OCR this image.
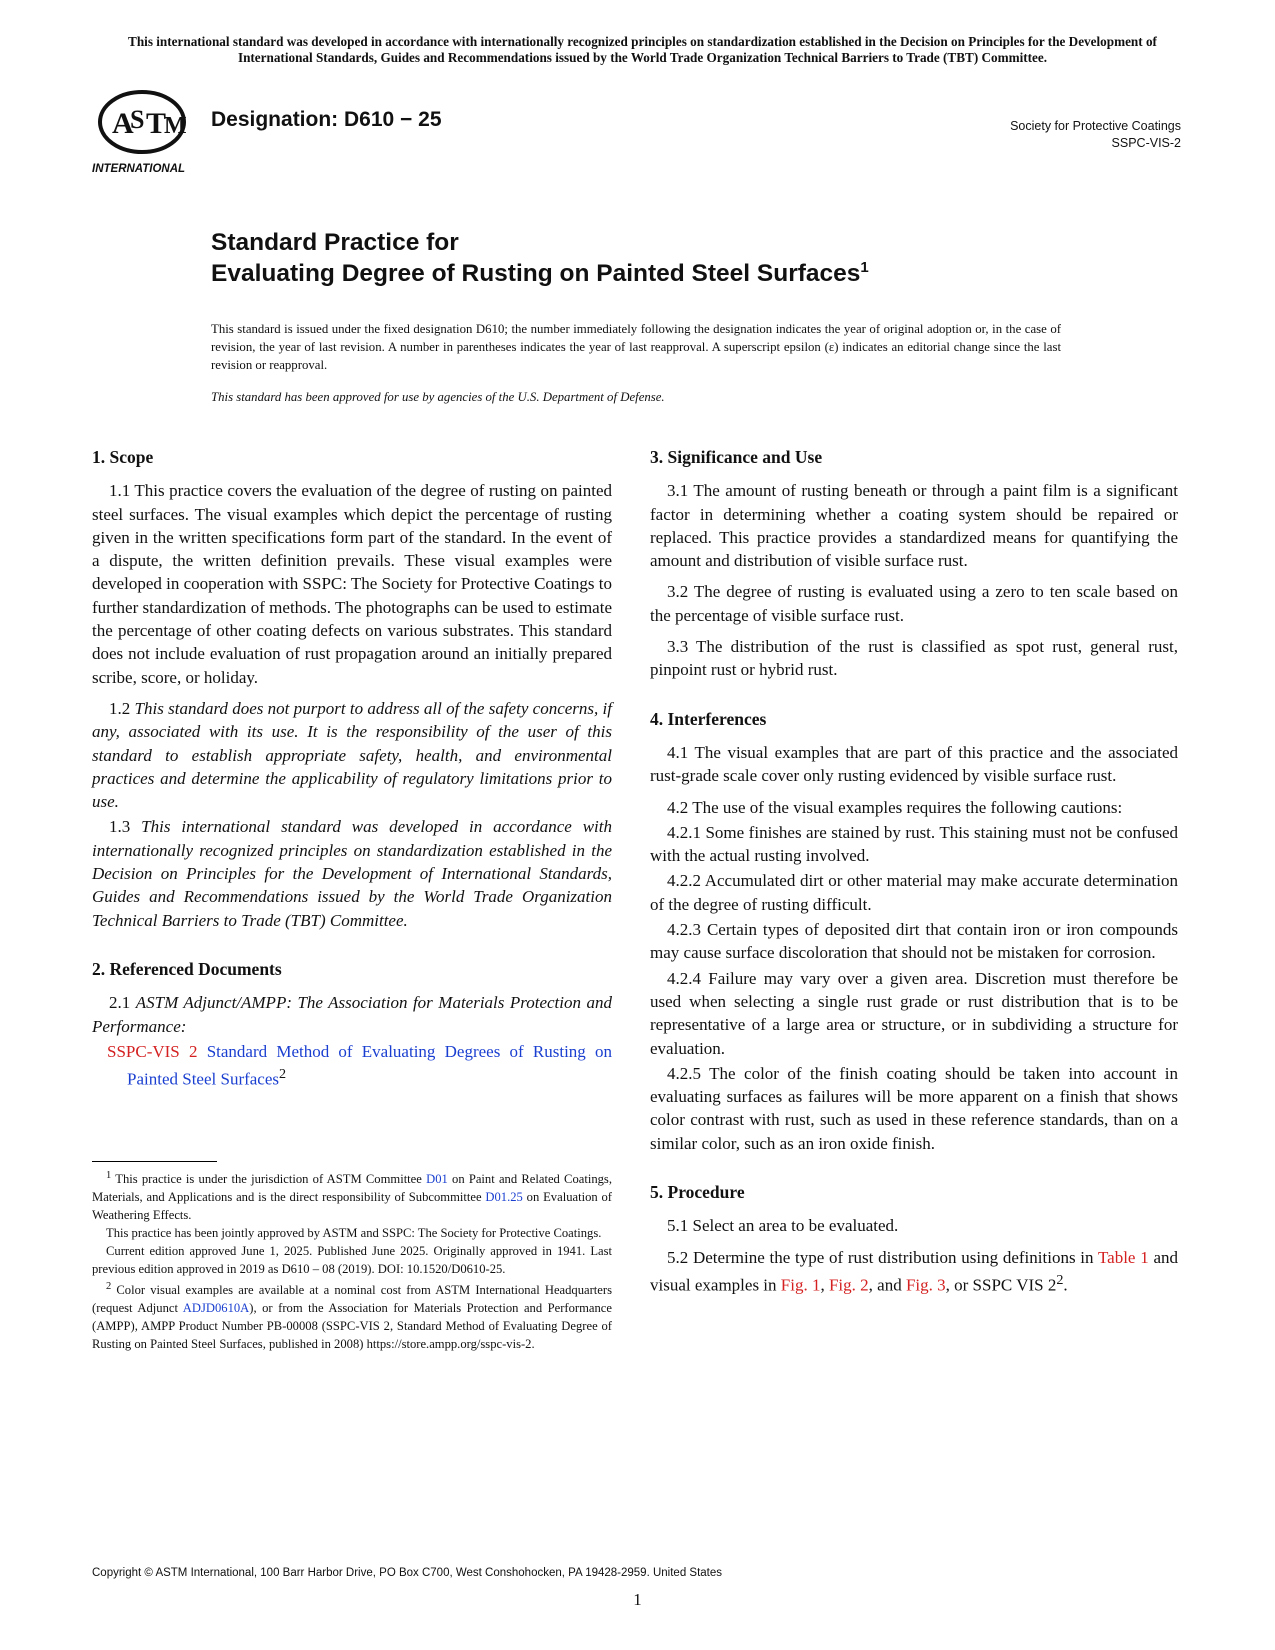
This international standard was developed in accordance with internationally recognized principles on standardization established in the Decision on Principles for the Development of International Standards, Guides and Recommendations issued by the World Trade Organization Technical Barriers to Trade (TBT) Committee.
A
S T
M
INTERNATIONAL
Designation: D610 − 25	Society for Protective Coatings
SSPC-VIS-2
Standard Practice for
Evaluating Degree of Rusting on Painted Steel Surfaces$^1$
This standard is issued under the fixed designation D610; the number immediately following the designation indicates the year of original adoption or, in the case of revision, the year of last revision. A number in parentheses indicates the year of last reapproval. A superscript epsilon (ε) indicates an editorial change since the last revision or reapproval.
This standard has been approved for use by agencies of the U.S. Department of Defense.
1. Scope

1.1 This practice covers the evaluation of the degree of rusting on painted steel surfaces. The visual examples which depict the percentage of rusting given in the written specifications form part of the standard. In the event of a dispute, the written definition prevails. These visual examples were developed in cooperation with SSPC: The Society for Protective Coatings to further standardization of methods. The photographs can be used to estimate the percentage of other coating defects on various substrates. This standard does not include evaluation of rust propagation around an initially prepared scribe, score, or holiday.

1.2 This standard does not purport to address all of the safety concerns, if any, associated with its use. It is the responsibility of the user of this standard to establish appropriate safety, health, and environmental practices and determine the applicability of regulatory limitations prior to use.

1.3 This international standard was developed in accordance with internationally recognized principles on standardization established in the Decision on Principles for the Development of International Standards, Guides and Recommendations issued by the World Trade Organization Technical Barriers to Trade (TBT) Committee.

2. Referenced Documents

2.1 ASTM Adjunct/AMPP: The Association for Materials Protection and Performance:

SSPC-VIS 2 Standard Method of Evaluating Degrees of Rusting on Painted Steel Surfaces$^2$

$^1$ This practice is under the jurisdiction of ASTM Committee D01 on Paint and Related Coatings, Materials, and Applications and is the direct responsibility of Subcommittee D01.25 on Evaluation of Weathering Effects.

This practice has been jointly approved by ASTM and SSPC: The Society for Protective Coatings.

Current edition approved June 1, 2025. Published June 2025. Originally approved in 1941. Last previous edition approved in 2019 as D610 – 08 (2019). DOI: 10.1520/D0610-25.

$^2$ Color visual examples are available at a nominal cost from ASTM International Headquarters (request Adjunct ADJD0610A), or from the Association for Materials Protection and Performance (AMPP), AMPP Product Number PB-00008 (SSPC-VIS 2, Standard Method of Evaluating Degree of Rusting on Painted Steel Surfaces, published in 2008) https://store.ampp.org/sspc-vis-2.

3. Significance and Use

3.1 The amount of rusting beneath or through a paint film is a significant factor in determining whether a coating system should be repaired or replaced. This practice provides a standardized means for quantifying the amount and distribution of visible surface rust.

3.2 The degree of rusting is evaluated using a zero to ten scale based on the percentage of visible surface rust.

3.3 The distribution of the rust is classified as spot rust, general rust, pinpoint rust or hybrid rust.

4. Interferences

4.1 The visual examples that are part of this practice and the associated rust-grade scale cover only rusting evidenced by visible surface rust.

4.2 The use of the visual examples requires the following cautions:

4.2.1 Some finishes are stained by rust. This staining must not be confused with the actual rusting involved.

4.2.2 Accumulated dirt or other material may make accurate determination of the degree of rusting difficult.

4.2.3 Certain types of deposited dirt that contain iron or iron compounds may cause surface discoloration that should not be mistaken for corrosion.

4.2.4 Failure may vary over a given area. Discretion must therefore be used when selecting a single rust grade or rust distribution that is to be representative of a large area or structure, or in subdividing a structure for evaluation.

4.2.5 The color of the finish coating should be taken into account in evaluating surfaces as failures will be more apparent on a finish that shows color contrast with rust, such as used in these reference standards, than on a similar color, such as an iron oxide finish.

5. Procedure

5.1 Select an area to be evaluated.

5.2 Determine the type of rust distribution using definitions in Table 1 and visual examples in Fig. 1, Fig. 2, and Fig. 3, or SSPC VIS $2^2$.

Copyright © ASTM International, 100 Barr Harbor Drive, PO Box C700, West Conshohocken, PA 19428-2959. United States
1
